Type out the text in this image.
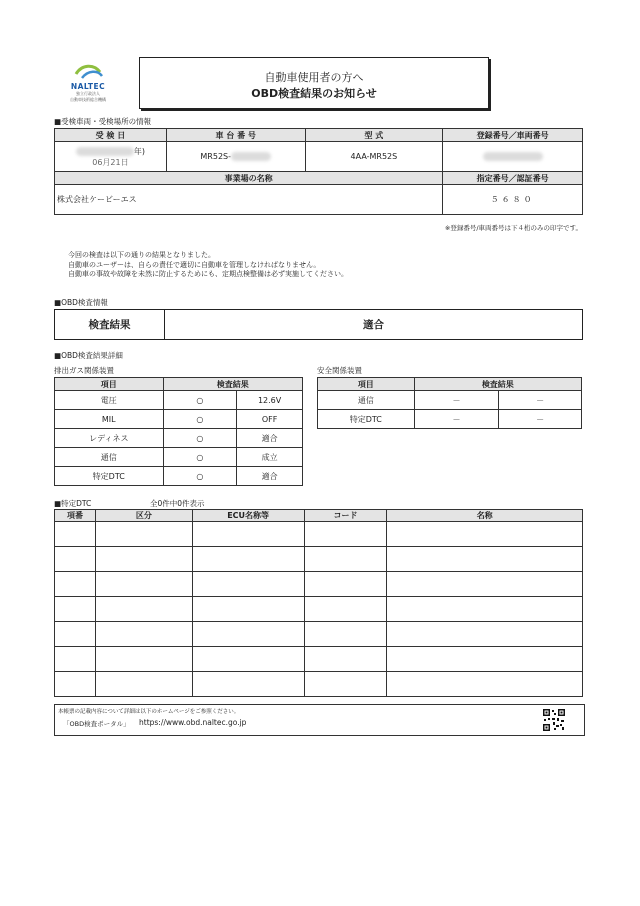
NALTEC
独立行政法人
自動車技術総合機構
自動車使用者の方へ
OBD検査結果のお知らせ
■受検車両・受検場所の情報
受 検 日	車 台 番 号	型 式	登録番号／車両番号

年)
06月21日	MR52S-	4AA-MR52S	
事業場の名称			指定番号／認証番号
株式会社ケービーエス			５６８０
※登録番号/車両番号は下４桁のみの印字です。
今回の検査は以下の通りの結果となりました。
自動車のユーザーは、自らの責任で適切に自動車を管理しなければなりません。
自動車の事故や故障を未然に防止するためにも、定期点検整備は必ず実施してください。
■OBD検査情報
検査結果	適合
■OBD検査結果詳細
排出ガス関係装置	安全関係装置
項目	検査結果	
電圧	○	12.6V
MIL	○	OFF
レディネス	○	適合
通信	○	成立
特定DTC	○	適合
項目	検査結果	
通信	－	－
特定DTC	－	－
■特定DTC	全0件中0件表示
項番	区分	ECU名称等	コード	名称

本帳票の記載内容について詳細は以下のホームページをご参照ください。
「OBD検査ポータル」 https://www.obd.naltec.go.jp
